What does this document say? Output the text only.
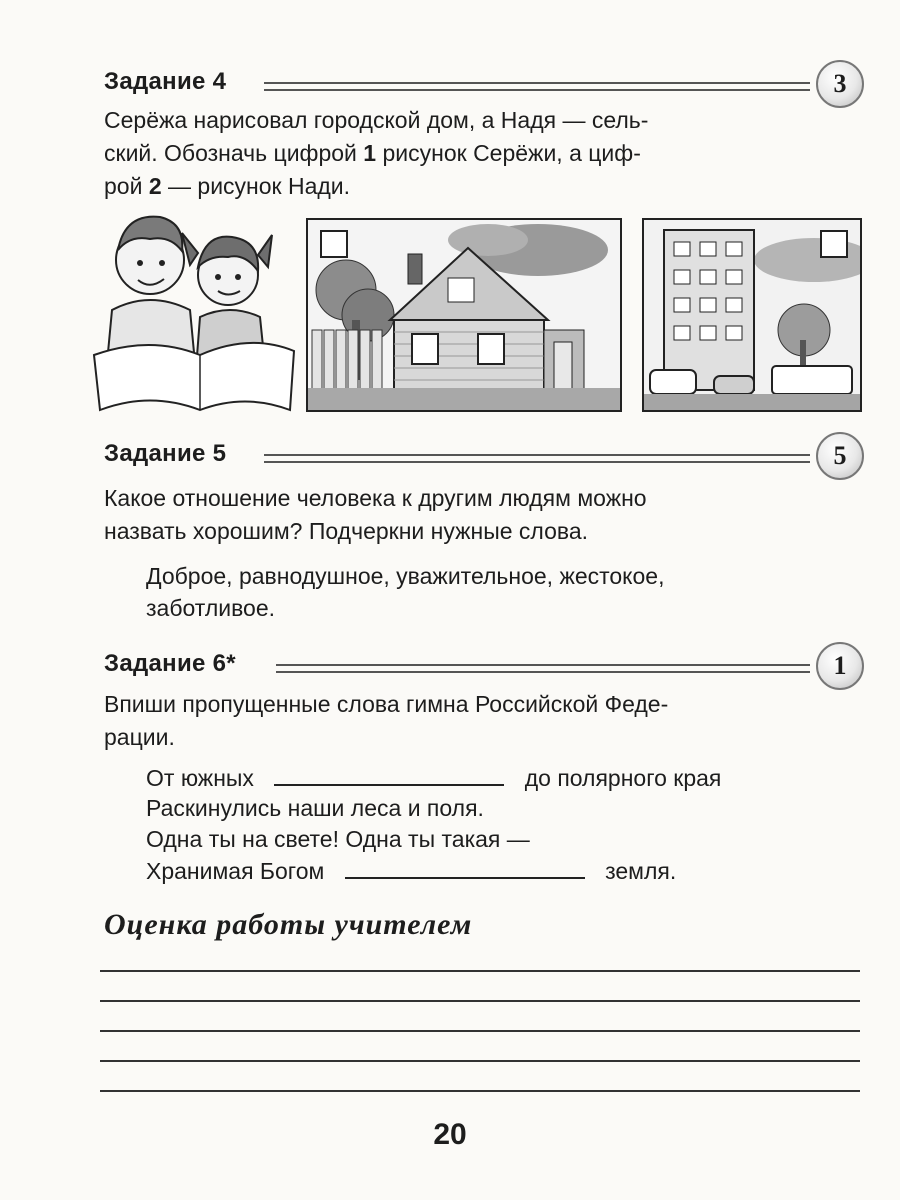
Задание 4	3
Серёжа нарисовал городской дом, а Надя — сель-
ский. Обозначь цифрой 1 рисунок Серёжи, а циф-
рой 2 — рисунок Нади.
Задание 5	5
Какое отношение человека к другим людям можно
назвать хорошим? Подчеркни нужные слова.
Доброе, равнодушное, уважительное, жестокое,
заботливое.
Задание 6*	1
Впиши пропущенные слова гимна Российской Феде-
рации.
От южных	до полярного края
Раскинулись наши леса и поля.
Одна ты на свете! Одна ты такая —
Хранимая Богом	земля.
Оценка работы учителем
20
